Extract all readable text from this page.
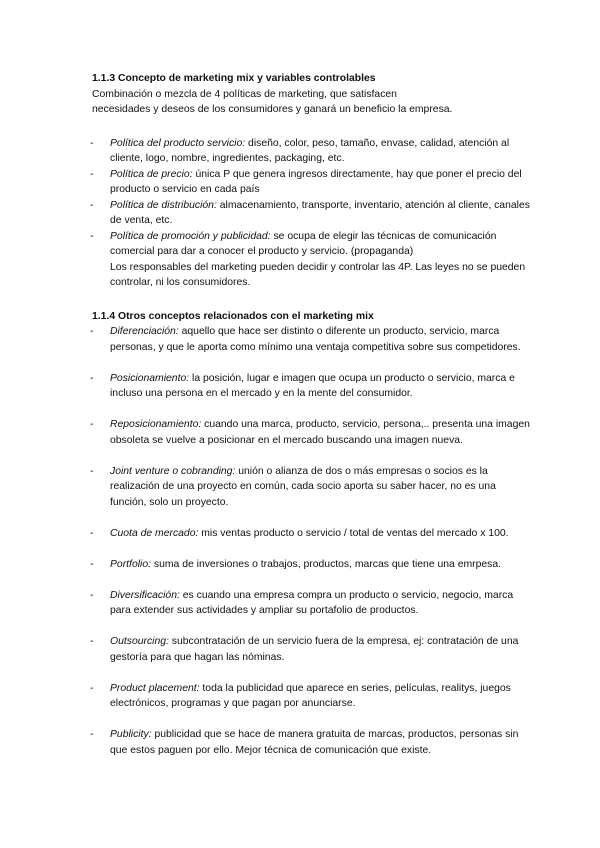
1.1.3 Concepto de marketing mix y variables controlables

Combinación o mezcla de 4 políticas de marketing, que satisfacen

necesidades y deseos de los consumidores y ganará un beneficio la empresa.

- Política del producto servicio: diseño, color, peso, tamaño, envase, calidad, atención al cliente, logo, nombre, ingredientes, packaging, etc.
- Política de precio: única P que genera ingresos directamente, hay que poner el precio del producto o servicio en cada país
- Política de distribución: almacenamiento, transporte, inventario, atención al cliente, canales de venta, etc.
- Política de promoción y publicidad: se ocupa de elegir las técnicas de comunicación comercial para dar a conocer el producto y servicio. (propaganda)
Los responsables del marketing pueden decidir y controlar las 4P. Las leyes no se pueden controlar, ni los consumidores.
1.1.4 Otros conceptos relacionados con el marketing mix
- Diferenciación: aquello que hace ser distinto o diferente un producto, servicio, marca personas, y que le aporta como mínimo una ventaja competitiva sobre sus competidores.
- Posicionamiento: la posición, lugar e imagen que ocupa un producto o servicio, marca e incluso una persona en el mercado y en la mente del consumidor.
- Reposicionamiento: cuando una marca, producto, servicio, persona,.. presenta una imagen obsoleta se vuelve a posicionar en el mercado buscando una imagen nueva.
- Joint venture o cobranding: unión o alianza de dos o más empresas o socios es la realización de una proyecto en común, cada socio aporta su saber hacer, no es una función, solo un proyecto.
- Cuota de mercado: mis ventas producto o servicio / total de ventas del mercado x 100.
- Portfolio: suma de inversiones o trabajos, productos, marcas que tiene una emrpesa.
- Diversificación: es cuando una empresa compra un producto o servicio, negocio, marca para extender sus actividades y ampliar su portafolio de productos.
- Outsourcing: subcontratación de un servicio fuera de la empresa, ej: contratación de una gestoría para que hagan las nóminas.
- Product placement: toda la publicidad que aparece en series, películas, realitys, juegos electrónicos, programas y que pagan por anunciarse.
- Publicity: publicidad que se hace de manera gratuita de marcas, productos, personas sin que estos paguen por ello. Mejor técnica de comunicación que existe.
